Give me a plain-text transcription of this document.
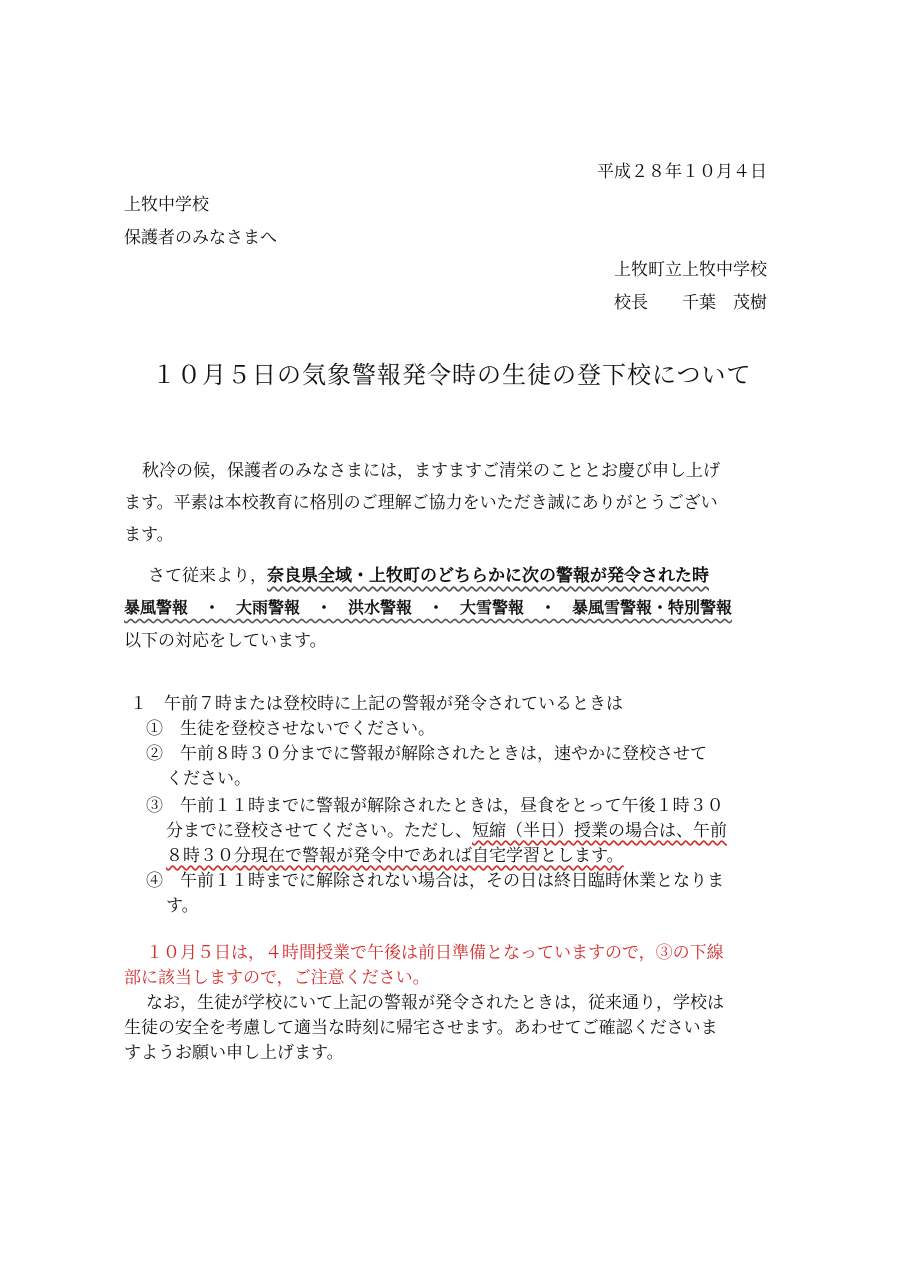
平成２８年１０月４日
上牧中学校
保護者のみなさまへ
上牧町立上牧中学校
校長　　千葉　茂樹
１０月５日の気象警報発令時の生徒の登下校について
秋冷の候，保護者のみなさまには，ますますご清栄のこととお慶び申し上げ
ます。平素は本校教育に格別のご理解ご協力をいただき誠にありがとうござい
ます。
さて従来より，奈良県全域・上牧町のどちらかに次の警報が発令された時
暴風警報　・　大雨警報　・　洪水警報　・　大雪警報　・　暴風雪警報・特別警報
以下の対応をしています。
１　午前７時または登校時に上記の警報が発令されているときは
①　生徒を登校させないでください。
②　午前８時３０分までに警報が解除されたときは，速やかに登校させて
ください。
③　午前１１時までに警報が解除されたときは，昼食をとって午後１時３０
分までに登校させてください。ただし、短縮（半日）授業の場合は、午前
８時３０分現在で警報が発令中であれば自宅学習とします。
④　午前１１時までに解除されない場合は，その日は終日臨時休業となりま
す。
１０月５日は，４時間授業で午後は前日準備となっていますので，③の下線
部に該当しますので，ご注意ください。
なお，生徒が学校にいて上記の警報が発令されたときは，従来通り，学校は
生徒の安全を考慮して適当な時刻に帰宅させます。あわせてご確認くださいま
すようお願い申し上げます。
